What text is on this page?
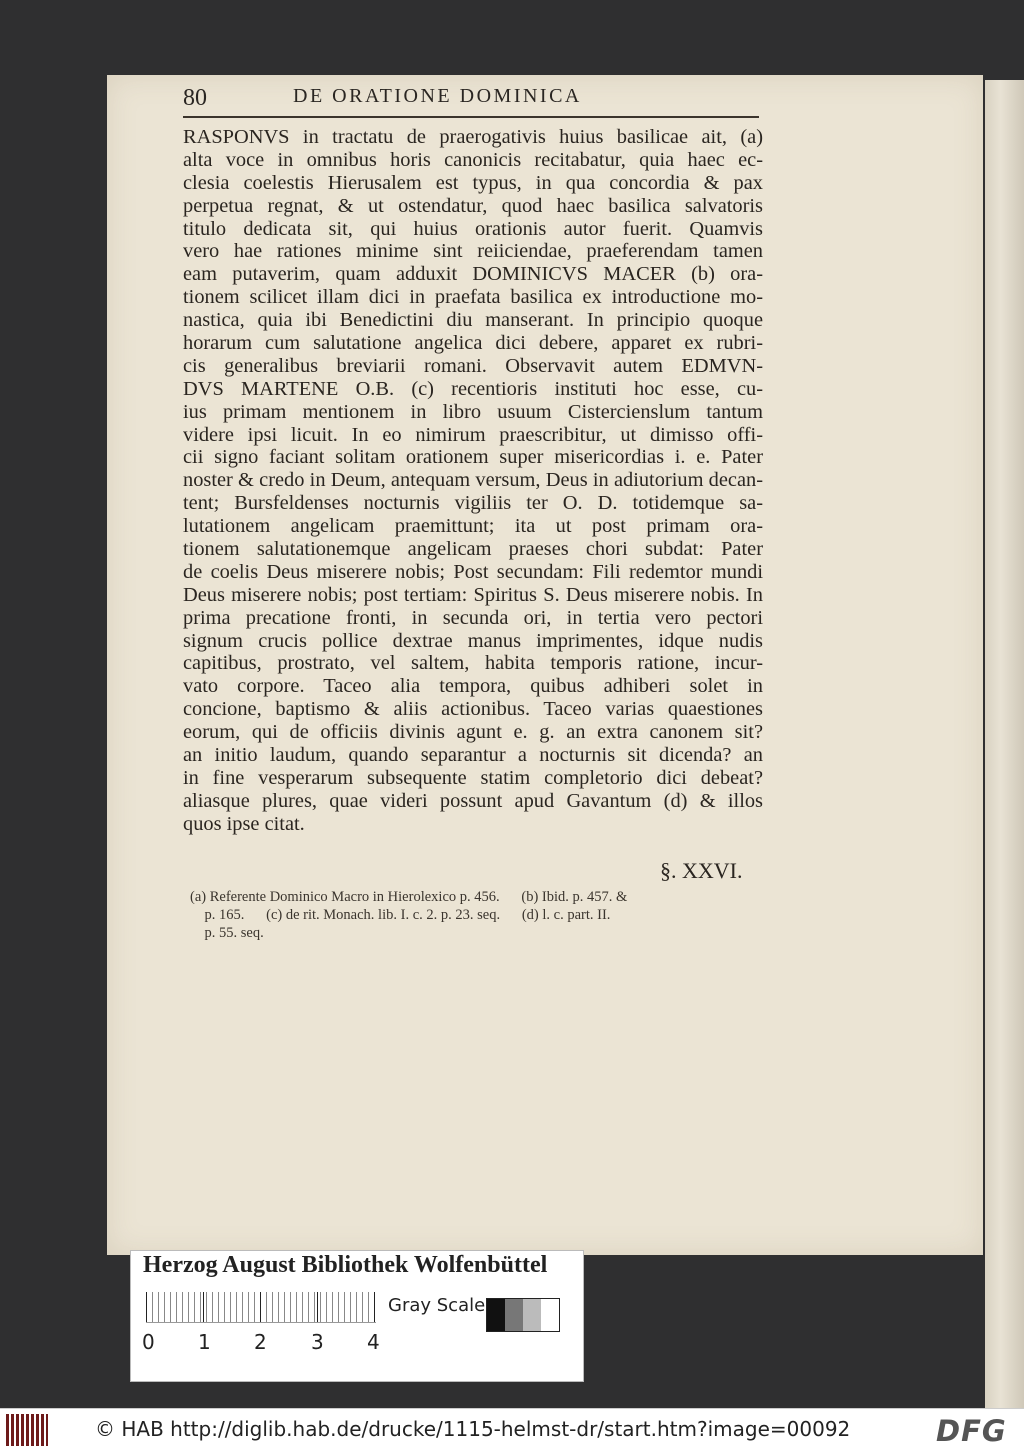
80	DE ORATIONE DOMINICA
RASPONVS in tractatu de praerogativis huius basilicae ait, (a)
alta voce in omnibus horis canonicis recitabatur, quia haec ec-
clesia coelestis Hierusalem est typus, in qua concordia & pax
perpetua regnat, & ut ostendatur, quod haec basilica salvatoris
titulo dedicata sit, qui huius orationis autor fuerit. Quamvis
vero hae rationes minime sint reiiciendae, praeferendam tamen
eam putaverim, quam adduxit DOMINICVS MACER (b) ora-
tionem scilicet illam dici in praefata basilica ex introductione mo-
nastica, quia ibi Benedictini diu manserant. In principio quoque
horarum cum salutatione angelica dici debere, apparet ex rubri-
cis generalibus breviarii romani. Observavit autem EDMVN-
DVS MARTENE O.B. (c) recentioris instituti hoc esse, cu-
ius primam mentionem in libro usuum Cistercienslum tantum
videre ipsi licuit. In eo nimirum praescribitur, ut dimisso offi-
cii signo faciant solitam orationem super misericordias i. e. Pater
noster & credo in Deum, antequam versum, Deus in adiutorium decan-
tent; Bursfeldenses nocturnis vigiliis ter O. D. totidemque sa-
lutationem angelicam praemittunt; ita ut post primam ora-
tionem salutationemque angelicam praeses chori subdat: Pater
de coelis Deus miserere nobis; Post secundam: Fili redemtor mundi
Deus miserere nobis; post tertiam: Spiritus S. Deus miserere nobis. In
prima precatione fronti, in secunda ori, in tertia vero pectori
signum crucis pollice dextrae manus imprimentes, idque nudis
capitibus, prostrato, vel saltem, habita temporis ratione, incur-
vato corpore. Taceo alia tempora, quibus adhiberi solet in
concione, baptismo & aliis actionibus. Taceo varias quaestiones
eorum, qui de officiis divinis agunt e. g. an extra canonem sit?
an initio laudum, quando separantur a nocturnis sit dicenda? an
in fine vesperarum subsequente statim completorio dici debeat?
aliasque plures, quae videri possunt apud Gavantum (d) & illos
quos ipse citat.
§. XXVI.
(a) Referente Dominico Macro in Hierolexico p. 456.      (b) Ibid. p. 457. &
p. 165.      (c) de rit. Monach. lib. I. c. 2. p. 23. seq.      (d) l. c. part. II.
p. 55. seq.
Herzog August Bibliothek Wolfenbüttel
0 1 2 3 4
Gray Scale
© HAB http://diglib.hab.de/drucke/1115-helmst-dr/start.htm?image=00092	DFG
